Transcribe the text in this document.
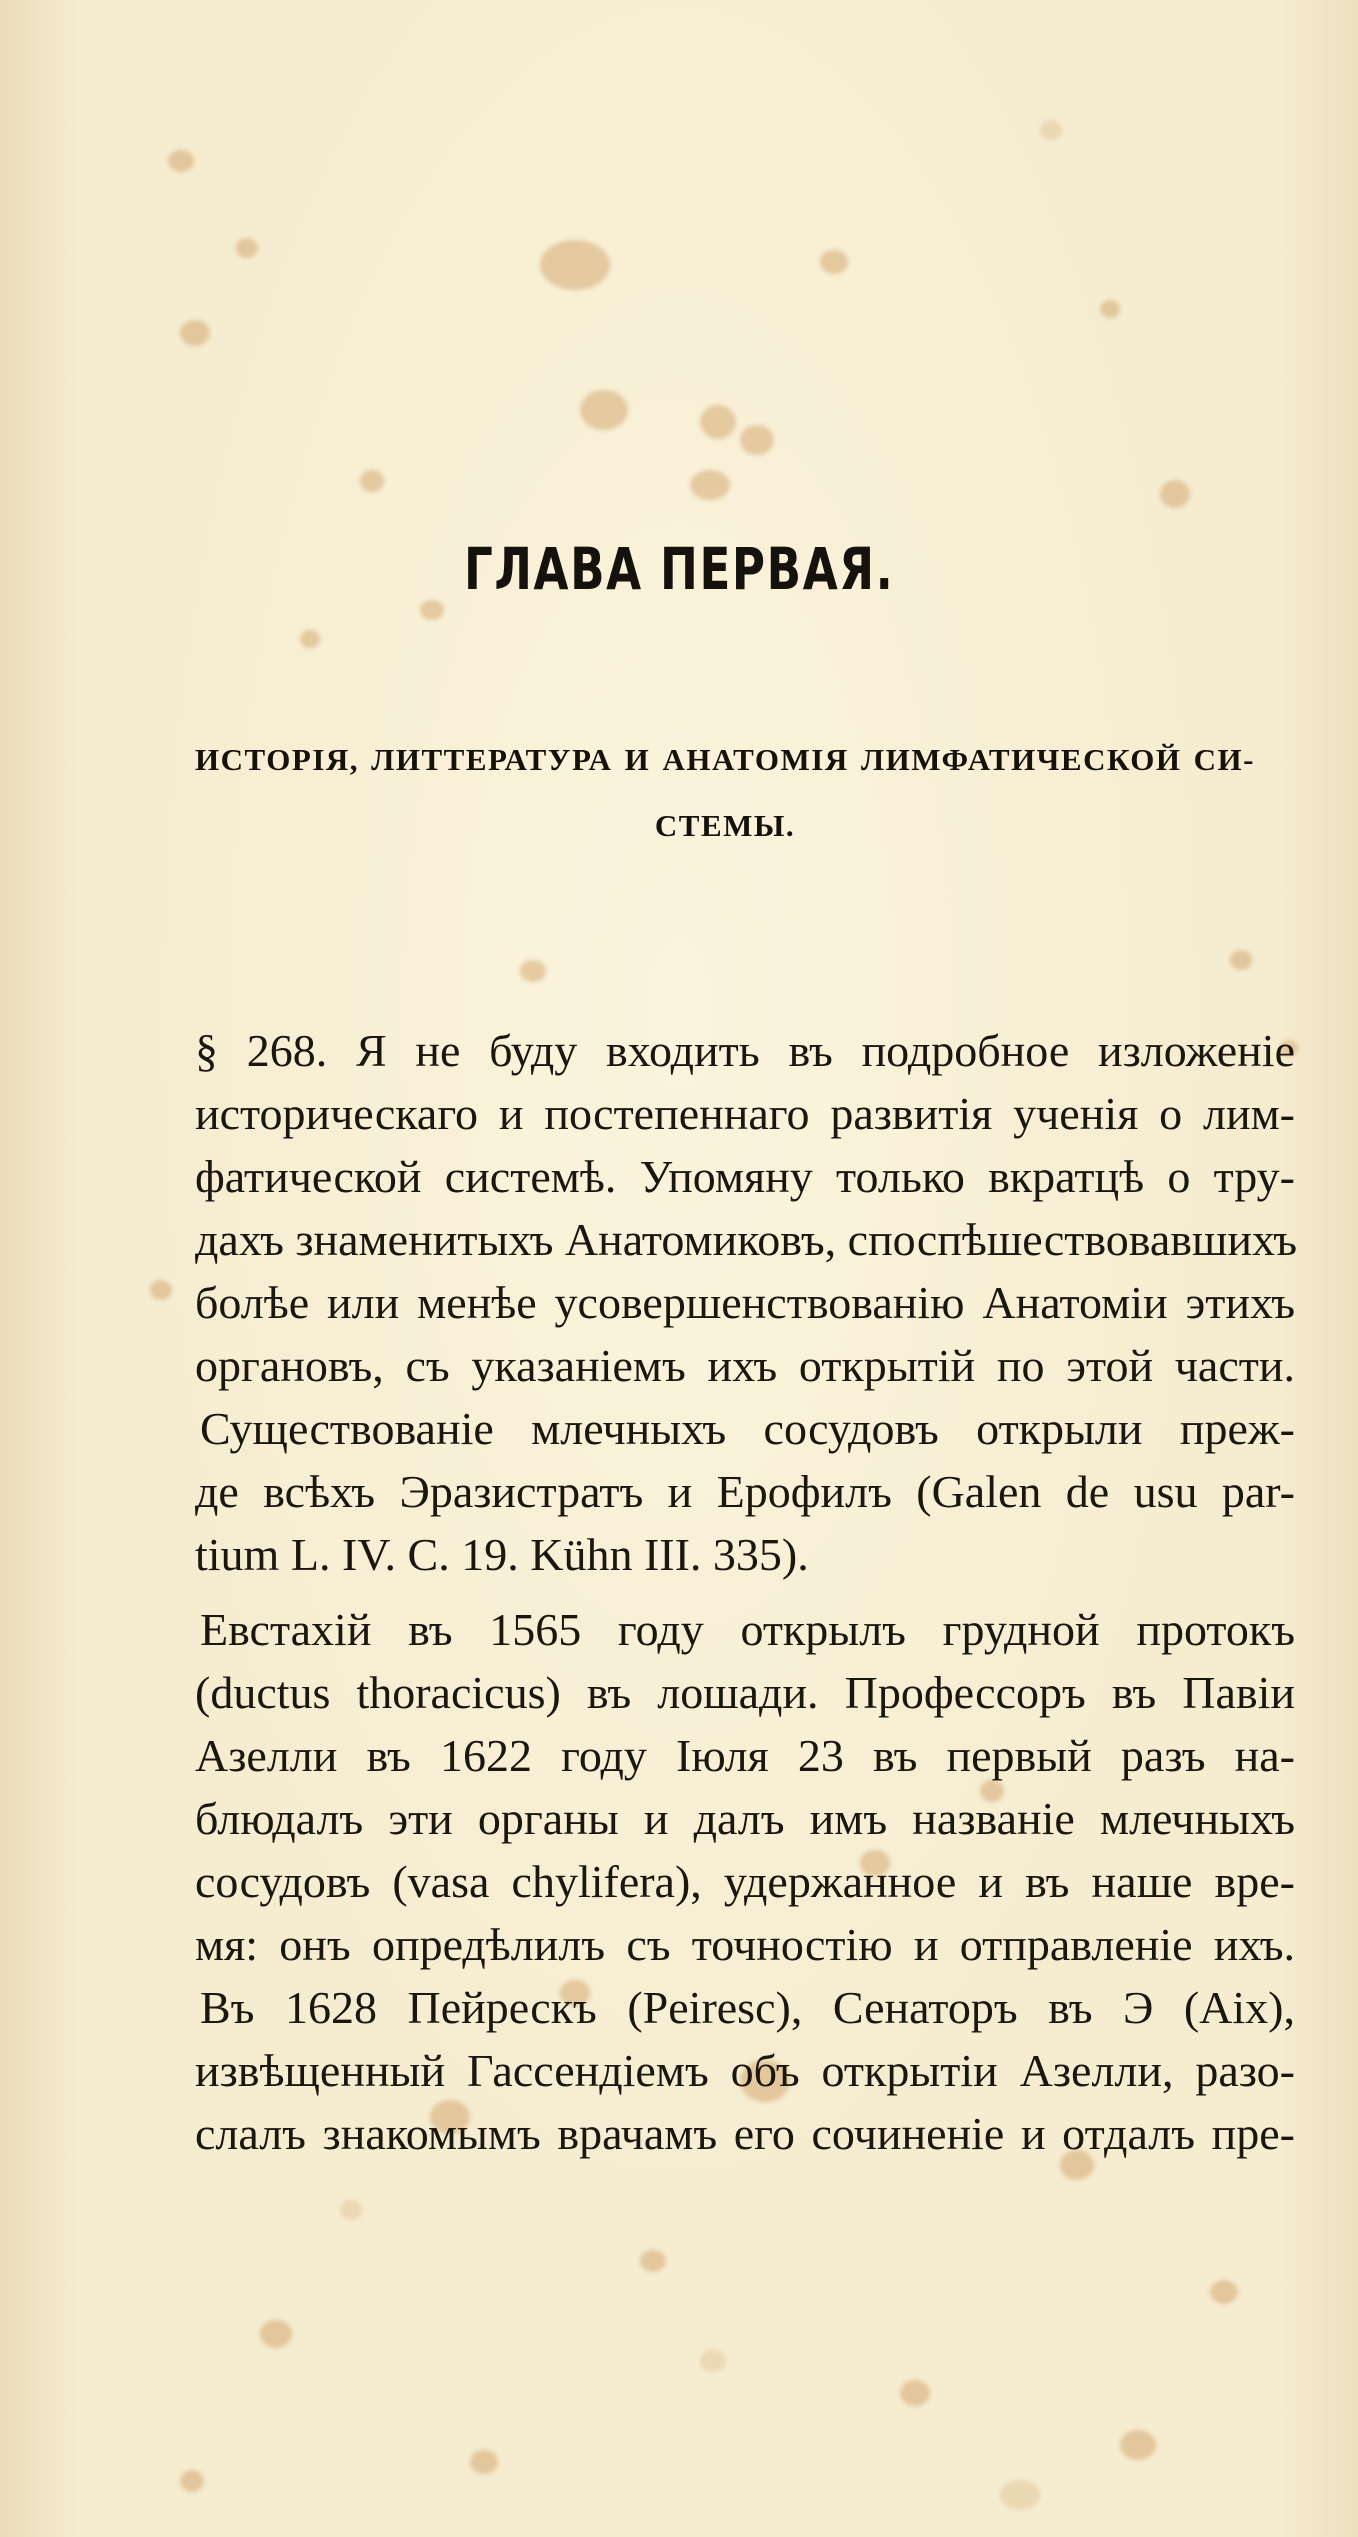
ГЛАВА ПЕРВАЯ.
ИСТОРІЯ, ЛИТТЕРАТУРА И АНАТОМІЯ ЛИМФАТИЧЕСКОЙ СИ-
СТЕМЫ.
§ 268. Я не буду входить въ подробное изложеніе
историческаго и постепеннаго развитія ученія о лим-
фатической системѣ. Упомяну только вкратцѣ о тру-
дахъ знаменитыхъ Анатомиковъ, споспѣшествовавшихъ
болѣе или менѣе усовершенствованію Анатоміи этихъ
органовъ, съ указаніемъ ихъ открытій по этой части.
Существованіе млечныхъ сосудовъ открыли преж-
де всѣхъ Эразистратъ и Ерофилъ (Galen de usu par-
tium L. IV. C. 19. Kühn III. 335).
Евстахій въ 1565 году открылъ грудной протокъ
(ductus thoracicus) въ лошади. Профессоръ въ Павіи
Азелли въ 1622 году Іюля 23 въ первый разъ на-
блюдалъ эти органы и далъ имъ названіе млечныхъ
сосудовъ (vasa chylifera), удержанное и въ наше вре-
мя: онъ опредѣлилъ съ точностію и отправленіе ихъ.
Въ 1628 Пейрескъ (Peiresc), Сенаторъ въ Э (Aix),
извѣщенный Гассендіемъ объ открытіи Азелли, разо-
слалъ знакомымъ врачамъ его сочиненіе и отдалъ пре-
